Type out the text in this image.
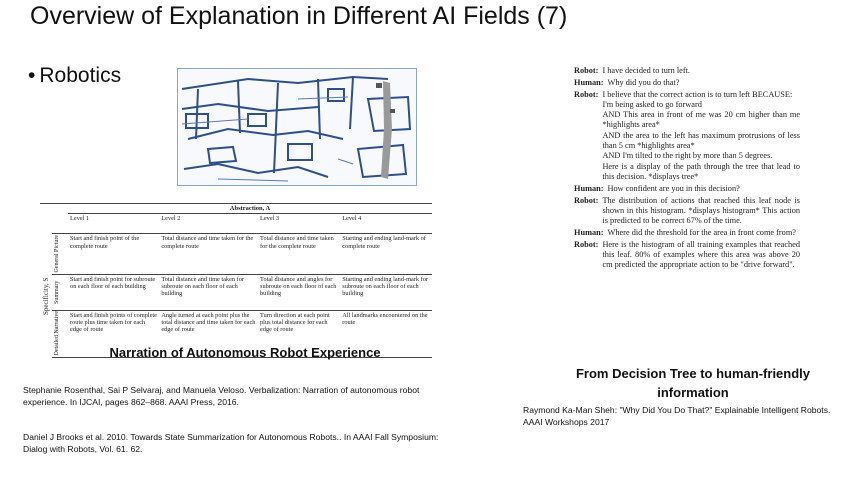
Overview of Explanation in Different AI Fields (7)
• Robotics
		Abstraction, A			
		Level 1	Level 2	Level 3	Level 4
Specificity, S	General Picture	Start and finish point of the complete route	Total distance and time taken for the complete route	Total distance and time taken for the complete route	Starting and ending land-mark of complete route
	Summary	Start and finish point for subroute on each floor of each building	Total distance and time taken for subroute on each floor of each building	Total distance and angles for subroute on each floor of each building	Starting and ending land-mark for subroute on each floor of each building
	Detailed Narrative	Start and finish points of complete route plus time taken for each edge of route	Angle turned at each point plus the total distance and time taken for each edge of route	Turn direction at each point plus total distance for each edge of route	All landmarks encountered on the route
Narration of Autonomous Robot Experience
Stephanie Rosenthal, Sai P Selvaraj, and Manuela Veloso. Verbalization: Narration of autonomous robot experience. In IJCAI, pages 862–868. AAAI Press, 2016.
Daniel J Brooks et al. 2010. Towards State Summarization for Autonomous Robots.. In AAAI Fall Symposium: Dialog with Robots, Vol. 61. 62.
Robot: I have decided to turn left.
Human: Why did you do that?
Robot: I believe that the correct action is to turn left BECAUSE:
I'm being asked to go forward
AND This area in front of me was 20 cm higher than me *highlights area*
AND the area to the left has maximum protrusions of less than 5 cm *highlights area*
AND I'm tilted to the right by more than 5 degrees.
Here is a display of the path through the tree that lead to this decision. *displays tree*
Human: How confident are you in this decision?
Robot: The distribution of actions that reached this leaf node is shown in this histogram. *displays histogram* This action is predicted to be correct 67% of the time.
Human: Where did the threshold for the area in front come from?
Robot: Here is the histogram of all training examples that reached this leaf. 80% of examples where this area was above 20 cm predicted the appropriate action to be "drive forward".
From Decision Tree to human-friendly information
Raymond Ka-Man Sheh: "Why Did You Do That?" Explainable Intelligent Robots. AAAI Workshops 2017
